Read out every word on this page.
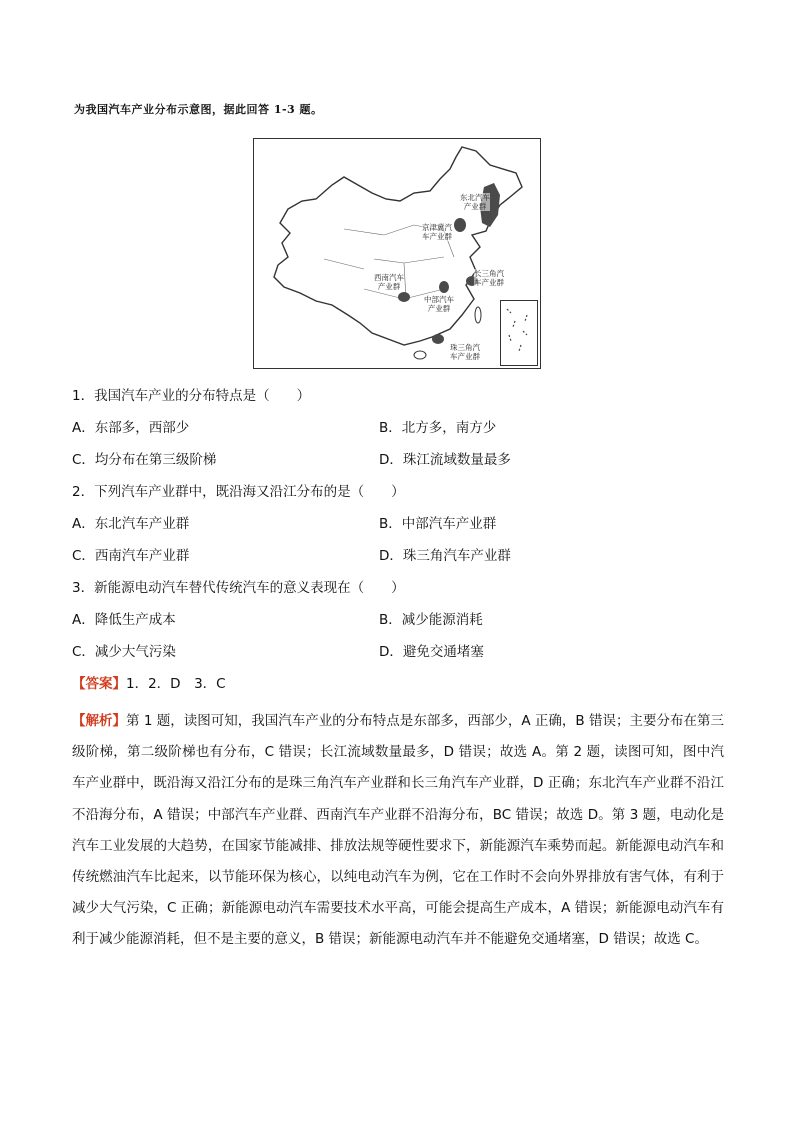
为我国汽车产业分布示意图，据此回答 1-3 题。
东北汽车
产业群
京津冀汽
车产业群
西南汽车
产业群
中部汽车
产业群
长三角汽
车产业群
珠三角汽
车产业群
1．我国汽车产业的分布特点是（　　）
A．东部多，西部少	B．北方多，南方少
C．均分布在第三级阶梯	D．珠江流域数量最多
2．下列汽车产业群中，既沿海又沿江分布的是（　　）
A．东北汽车产业群	B．中部汽车产业群
C．西南汽车产业群	D．珠三角汽车产业群
3．新能源电动汽车替代传统汽车的意义表现在（　　）
A．降低生产成本	B．减少能源消耗
C．减少大气污染	D．避免交通堵塞
【答案】1．2．D　3．C
【解析】第 1 题，读图可知，我国汽车产业的分布特点是东部多，西部少，A 正确，B 错误；主要分布在第三级阶梯，第二级阶梯也有分布，C 错误；长江流域数量最多，D 错误；故选 A。第 2 题，读图可知，图中汽车产业群中，既沿海又沿江分布的是珠三角汽车产业群和长三角汽车产业群，D 正确；东北汽车产业群不沿江不沿海分布，A 错误；中部汽车产业群、西南汽车产业群不沿海分布，BC 错误；故选 D。第 3 题，电动化是汽车工业发展的大趋势，在国家节能减排、排放法规等硬性要求下，新能源汽车乘势而起。新能源电动汽车和传统燃油汽车比起来，以节能环保为核心，以纯电动汽车为例，它在工作时不会向外界排放有害气体，有利于减少大气污染，C 正确；新能源电动汽车需要技术水平高，可能会提高生产成本，A 错误；新能源电动汽车有利于减少能源消耗，但不是主要的意义，B 错误；新能源电动汽车并不能避免交通堵塞，D 错误；故选 C。
